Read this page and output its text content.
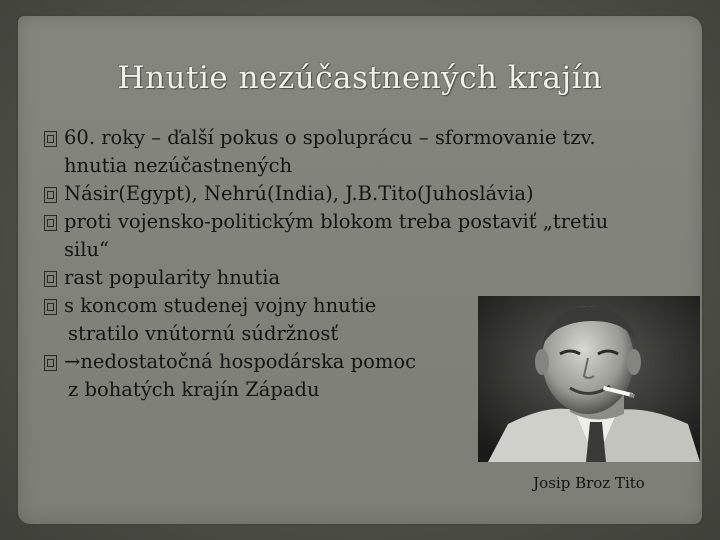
Hnutie nezúčastnených krajín
60. roky – ďalší pokus o spoluprácu – sformovanie tzv.
hnutia nezúčastnených
Násir(Egypt), Nehrú(India), J.B.Tito(Juhoslávia)
proti vojensko-politickým blokom treba postaviť „tretiu
silu“
rast popularity hnutia
s koncom studenej vojny hnutie
stratilo vnútornú súdržnosť
→nedostatočná hospodárska pomoc
z bohatých krajín Západu
Josip Broz Tito
